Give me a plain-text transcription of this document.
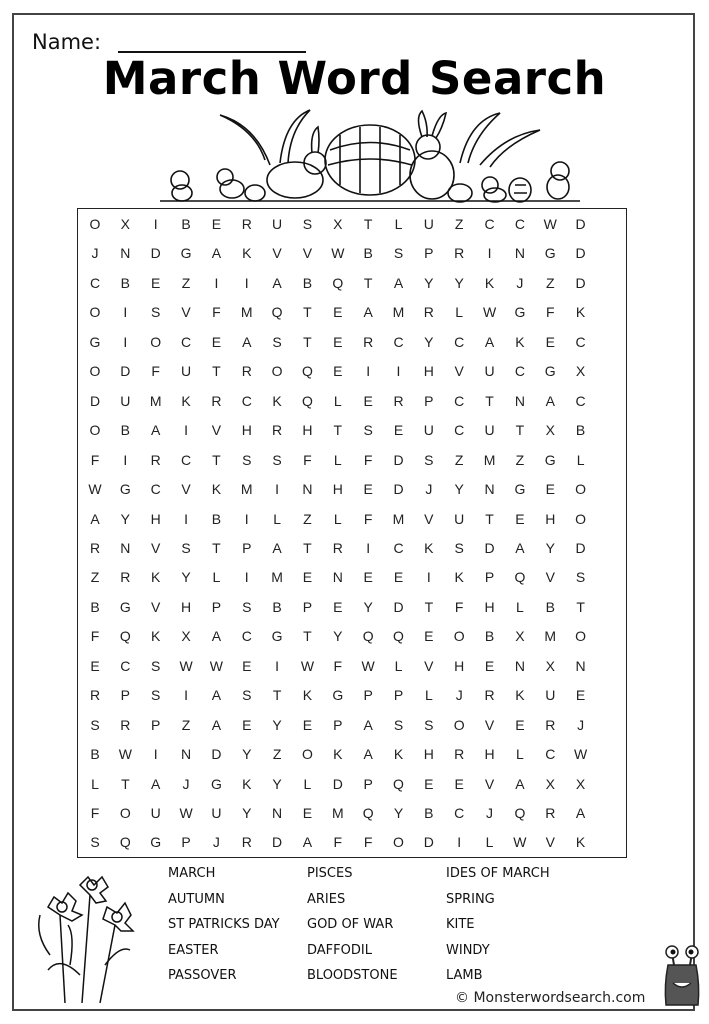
Name:
March Word Search
O	X	I	B	E	R	U	S	X	T	L	U	Z	C	C	W	D
J	N	D	G	A	K	V	V	W	B	S	P	R	I	N	G	D
C	B	E	Z	I	I	A	B	Q	T	A	Y	Y	K	J	Z	D
O	I	S	V	F	M	Q	T	E	A	M	R	L	W	G	F	K
G	I	O	C	E	A	S	T	E	R	C	Y	C	A	K	E	C
O	D	F	U	T	R	O	Q	E	I	I	H	V	U	C	G	X
D	U	M	K	R	C	K	Q	L	E	R	P	C	T	N	A	C
O	B	A	I	V	H	R	H	T	S	E	U	C	U	T	X	B
F	I	R	C	T	S	S	F	L	F	D	S	Z	M	Z	G	L
W	G	C	V	K	M	I	N	H	E	D	J	Y	N	G	E	O
A	Y	H	I	B	I	L	Z	L	F	M	V	U	T	E	H	O
R	N	V	S	T	P	A	T	R	I	C	K	S	D	A	Y	D
Z	R	K	Y	L	I	M	E	N	E	E	I	K	P	Q	V	S
B	G	V	H	P	S	B	P	E	Y	D	T	F	H	L	B	T
F	Q	K	X	A	C	G	T	Y	Q	Q	E	O	B	X	M	O
E	C	S	W	W	E	I	W	F	W	L	V	H	E	N	X	N
R	P	S	I	A	S	T	K	G	P	P	L	J	R	K	U	E
S	R	P	Z	A	E	Y	E	P	A	S	S	O	V	E	R	J
B	W	I	N	D	Y	Z	O	K	A	K	H	R	H	L	C	W
L	T	A	J	G	K	Y	L	D	P	Q	E	E	V	A	X	X
F	O	U	W	U	Y	N	E	M	Q	Y	B	C	J	Q	R	A
S	Q	G	P	J	R	D	A	F	F	O	D	I	L	W	V	K
MARCH
AUTUMN
ST PATRICKS DAY
EASTER
PASSOVER
PISCES
ARIES
GOD OF WAR
DAFFODIL
BLOODSTONE
IDES OF MARCH
SPRING
KITE
WINDY
LAMB
© Monsterwordsearch.com
